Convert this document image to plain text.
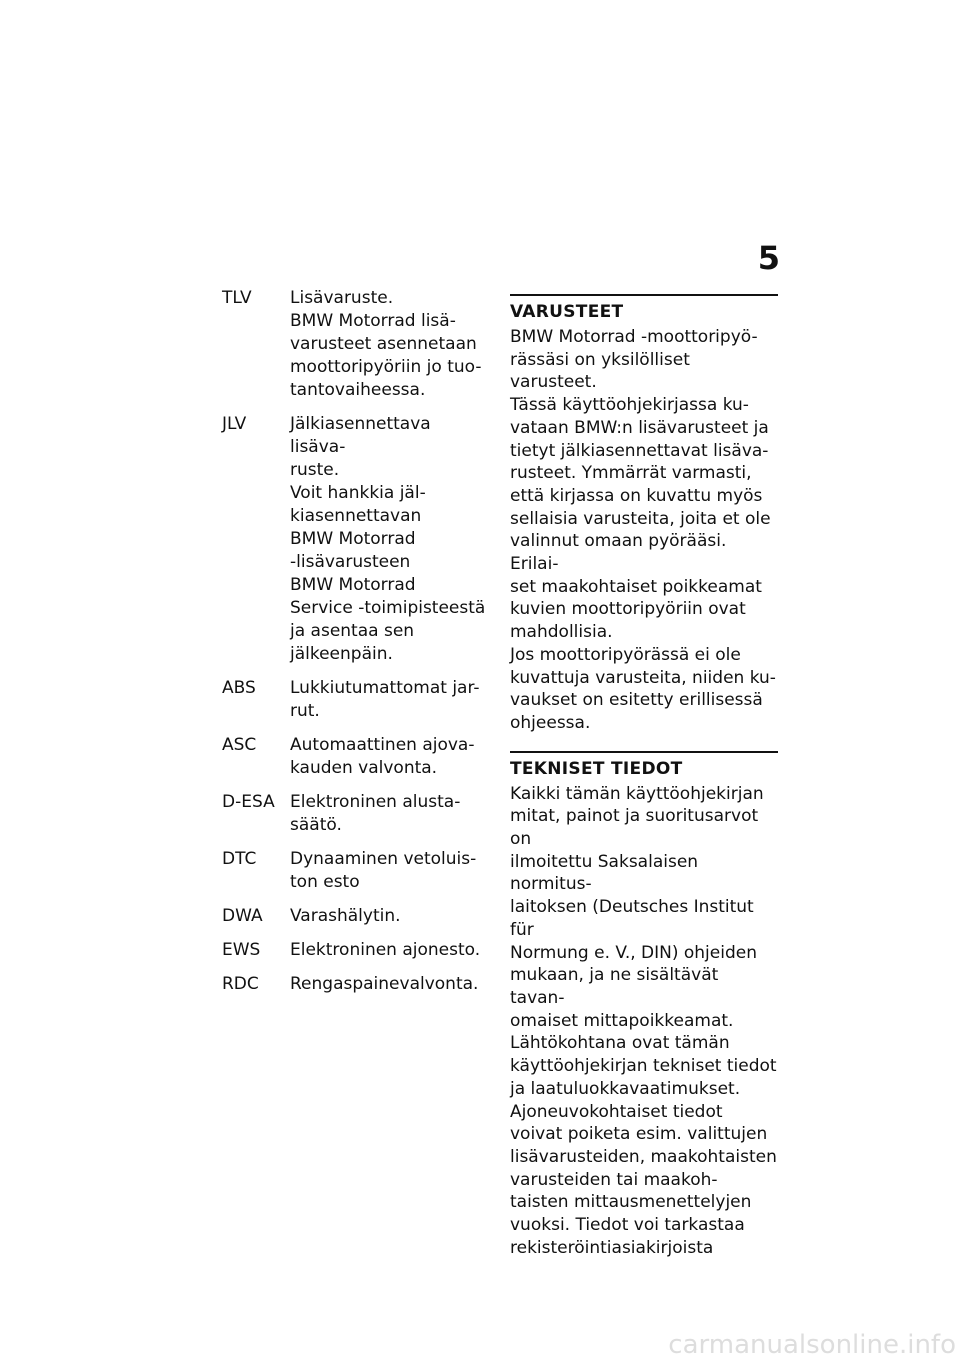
5
TLV	Lisävaruste.
BMW Motorrad lisä-
varusteet asennetaan
moottoripyöriin jo tuo-
tantovaiheessa.
JLV	Jälkiasennettava lisäva-
ruste.
Voit hankkia jäl-
kiasennettavan
BMW Motorrad
-lisävarusteen
BMW Motorrad
Service -toimipisteestä
ja asentaa sen
jälkeenpäin.
ABS	Lukkiutumattomat jar-
rut.
ASC	Automaattinen ajova-
kauden valvonta.
D-ESA Elektroninen alusta-
säätö.
DTC	Dynaaminen vetoluis-
ton esto
DWA	Varashälytin.
EWS	Elektroninen ajonesto.
RDC	Rengaspainevalvonta.
VARUSTEET
BMW Motorrad -moottoripyö-
rässäsi on yksilölliset varusteet.
Tässä käyttöohjekirjassa ku-
vataan BMW:n lisävarusteet ja
tietyt jälkiasennettavat lisäva-
rusteet. Ymmärrät varmasti,
että kirjassa on kuvattu myös
sellaisia varusteita, joita et ole
valinnut omaan pyörääsi. Erilai-
set maakohtaiset poikkeamat
kuvien moottoripyöriin ovat
mahdollisia.
Jos moottoripyörässä ei ole
kuvattuja varusteita, niiden ku-
vaukset on esitetty erillisessä
ohjeessa.
TEKNISET TIEDOT
Kaikki tämän käyttöohjekirjan
mitat, painot ja suoritusarvot on
ilmoitettu Saksalaisen normitus-
laitoksen (Deutsches Institut für
Normung e. V., DIN) ohjeiden
mukaan, ja ne sisältävät tavan-
omaiset mittapoikkeamat.
Lähtökohtana ovat tämän
käyttöohjekirjan tekniset tiedot
ja laatuluokkavaatimukset.
Ajoneuvokohtaiset tiedot
voivat poiketa esim. valittujen
lisävarusteiden, maakohtaisten
varusteiden tai maakoh-
taisten mittausmenettelyjen
vuoksi. Tiedot voi tarkastaa
rekisteröintiasiakirjoista
carmanualsonline.info
